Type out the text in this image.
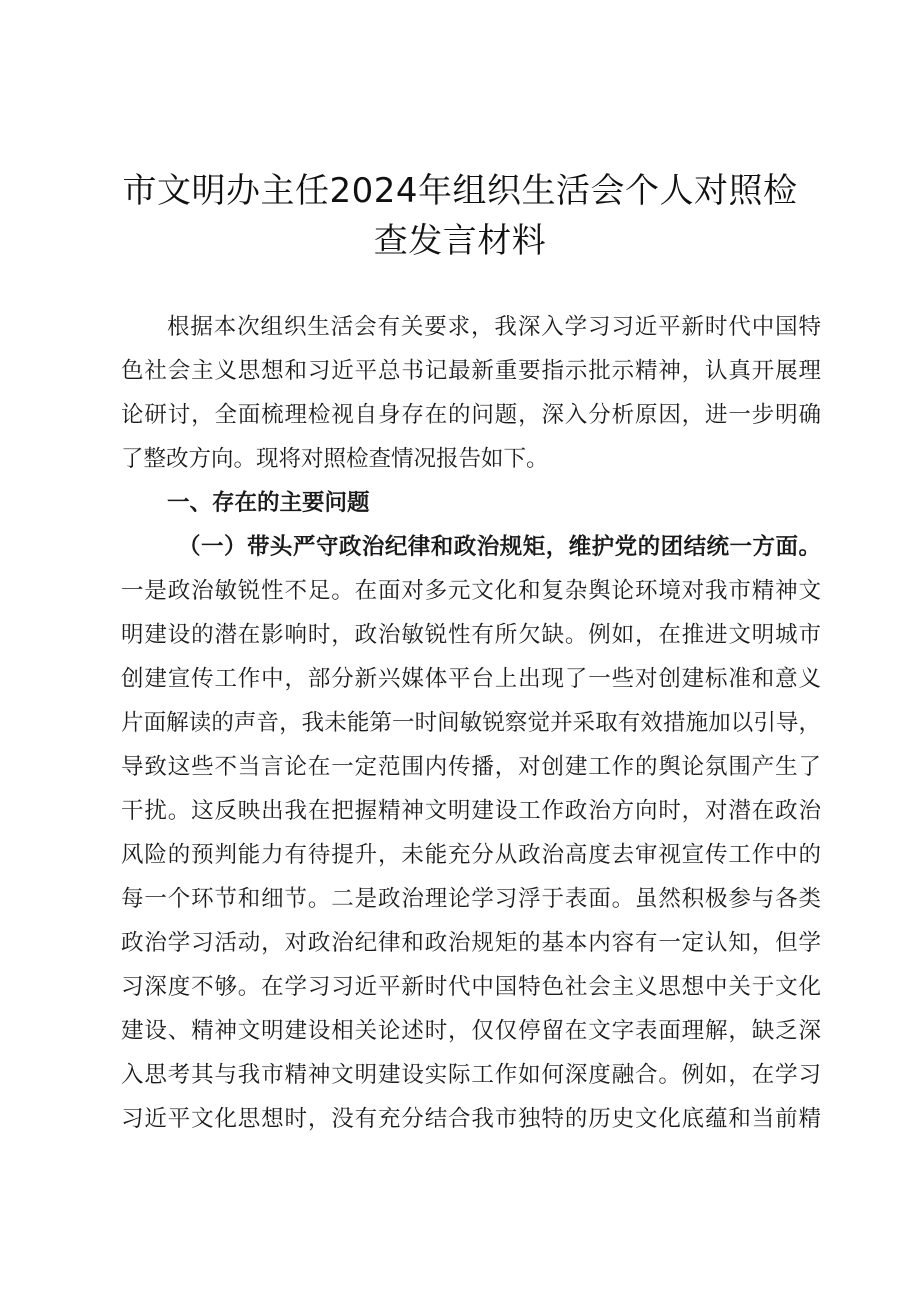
市文明办主任2024年组织生活会个人对照检
查发言材料
根据本次组织生活会有关要求，我深入学习习近平新时代中国特
色社会主义思想和习近平总书记最新重要指示批示精神，认真开展理
论研讨，全面梳理检视自身存在的问题，深入分析原因，进一步明确
了整改方向。现将对照检查情况报告如下。
一、存在的主要问题
（一）带头严守政治纪律和政治规矩，维护党的团结统一方面。
一是政治敏锐性不足。在面对多元文化和复杂舆论环境对我市精神文
明建设的潜在影响时，政治敏锐性有所欠缺。例如，在推进文明城市
创建宣传工作中，部分新兴媒体平台上出现了一些对创建标准和意义
片面解读的声音，我未能第一时间敏锐察觉并采取有效措施加以引导，
导致这些不当言论在一定范围内传播，对创建工作的舆论氛围产生了
干扰。这反映出我在把握精神文明建设工作政治方向时，对潜在政治
风险的预判能力有待提升，未能充分从政治高度去审视宣传工作中的
每一个环节和细节。二是政治理论学习浮于表面。虽然积极参与各类
政治学习活动，对政治纪律和政治规矩的基本内容有一定认知，但学
习深度不够。在学习习近平新时代中国特色社会主义思想中关于文化
建设、精神文明建设相关论述时，仅仅停留在文字表面理解，缺乏深
入思考其与我市精神文明建设实际工作如何深度融合。例如，在学习
习近平文化思想时，没有充分结合我市独特的历史文化底蕴和当前精
